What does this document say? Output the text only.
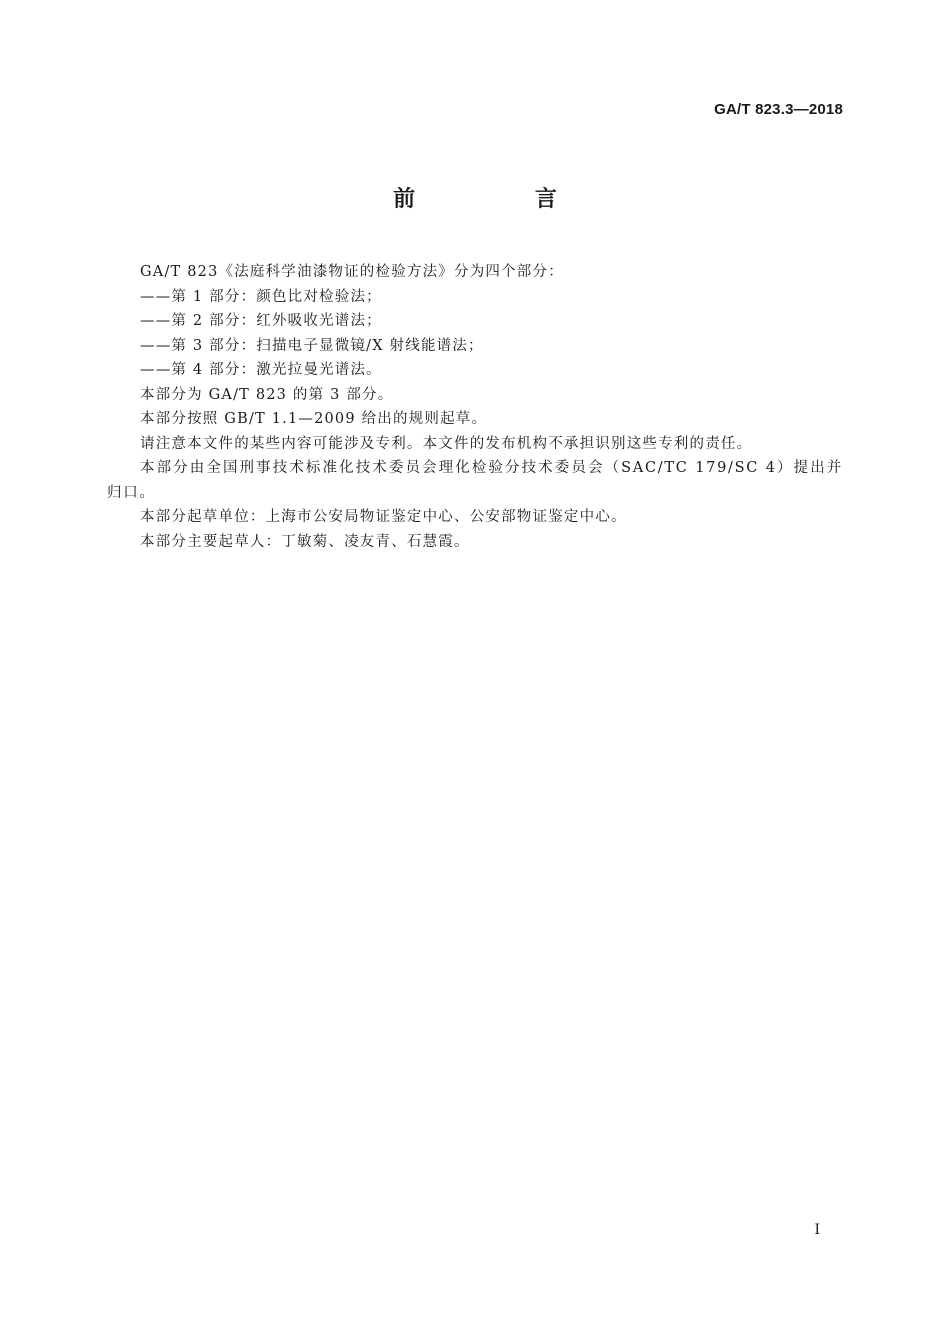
GA/T 823.3—2018
前 言

GA/T 823《法庭科学油漆物证的检验方法》分为四个部分：

——第 1 部分：颜色比对检验法；

——第 2 部分：红外吸收光谱法；

——第 3 部分：扫描电子显微镜/X 射线能谱法；

——第 4 部分：激光拉曼光谱法。

本部分为 GA/T 823 的第 3 部分。

本部分按照 GB/T 1.1—2009 给出的规则起草。

请注意本文件的某些内容可能涉及专利。本文件的发布机构不承担识别这些专利的责任。

本部分由全国刑事技术标准化技术委员会理化检验分技术委员会（SAC/TC 179/SC 4）提出并归口。

本部分起草单位：上海市公安局物证鉴定中心、公安部物证鉴定中心。

本部分主要起草人：丁敏菊、凌友青、石慧霞。

I
